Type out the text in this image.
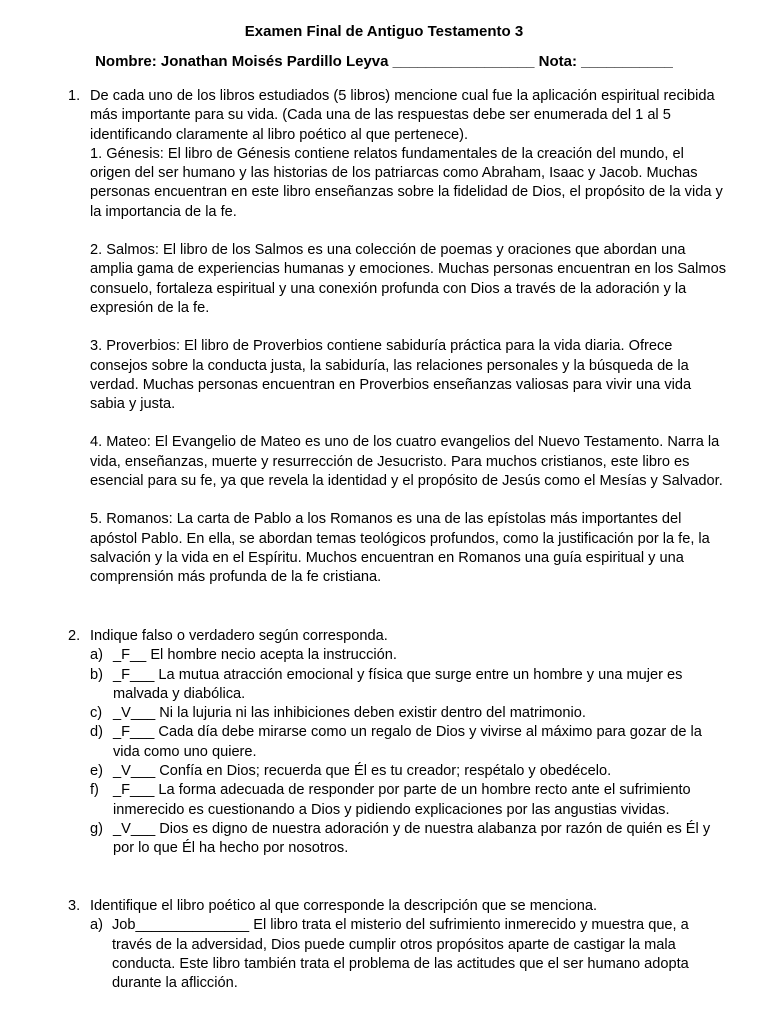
Examen Final de Antiguo Testamento 3
Nombre: Jonathan Moisés Pardillo Leyva _________________ Nota: ___________
1. De cada uno de los libros estudiados (5 libros) mencione cual fue la aplicación espiritual recibida más importante para su vida. (Cada una de las respuestas debe ser enumerada del 1 al 5 identificando claramente al libro poético al que pertenece).

1. Génesis: El libro de Génesis contiene relatos fundamentales de la creación del mundo, el origen del ser humano y las historias de los patriarcas como Abraham, Isaac y Jacob. Muchas personas encuentran en este libro enseñanzas sobre la fidelidad de Dios, el propósito de la vida y la importancia de la fe.

2. Salmos: El libro de los Salmos es una colección de poemas y oraciones que abordan una amplia gama de experiencias humanas y emociones. Muchas personas encuentran en los Salmos consuelo, fortaleza espiritual y una conexión profunda con Dios a través de la adoración y la expresión de la fe.

3. Proverbios: El libro de Proverbios contiene sabiduría práctica para la vida diaria. Ofrece consejos sobre la conducta justa, la sabiduría, las relaciones personales y la búsqueda de la verdad. Muchas personas encuentran en Proverbios enseñanzas valiosas para vivir una vida sabia y justa.

4. Mateo: El Evangelio de Mateo es uno de los cuatro evangelios del Nuevo Testamento. Narra la vida, enseñanzas, muerte y resurrección de Jesucristo. Para muchos cristianos, este libro es esencial para su fe, ya que revela la identidad y el propósito de Jesús como el Mesías y Salvador.

5. Romanos: La carta de Pablo a los Romanos es una de las epístolas más importantes del apóstol Pablo. En ella, se abordan temas teológicos profundos, como la justificación por la fe, la salvación y la vida en el Espíritu. Muchos encuentran en Romanos una guía espiritual y una comprensión más profunda de la fe cristiana.

2. Indique falso o verdadero según corresponda.

a) _F__ El hombre necio acepta la instrucción.
b) _F___ La mutua atracción emocional y física que surge entre un hombre y una mujer es malvada y diabólica.
c) _V___ Ni la lujuria ni las inhibiciones deben existir dentro del matrimonio.
d) _F___ Cada día debe mirarse como un regalo de Dios y vivirse al máximo para gozar de la vida como uno quiere.
e) _V___ Confía en Dios; recuerda que Él es tu creador; respétalo y obedécelo.
f) _F___ La forma adecuada de responder por parte de un hombre recto ante el sufrimiento inmerecido es cuestionando a Dios y pidiendo explicaciones por las angustias vividas.
g) _V___ Dios es digno de nuestra adoración y de nuestra alabanza por razón de quién es Él y por lo que Él ha hecho por nosotros.
3. Identifique el libro poético al que corresponde la descripción que se menciona.

a) Job______________ El libro trata el misterio del sufrimiento inmerecido y muestra que, a través de la adversidad, Dios puede cumplir otros propósitos aparte de castigar la mala conducta. Este libro también trata el problema de las actitudes que el ser humano adopta durante la aflicción.
